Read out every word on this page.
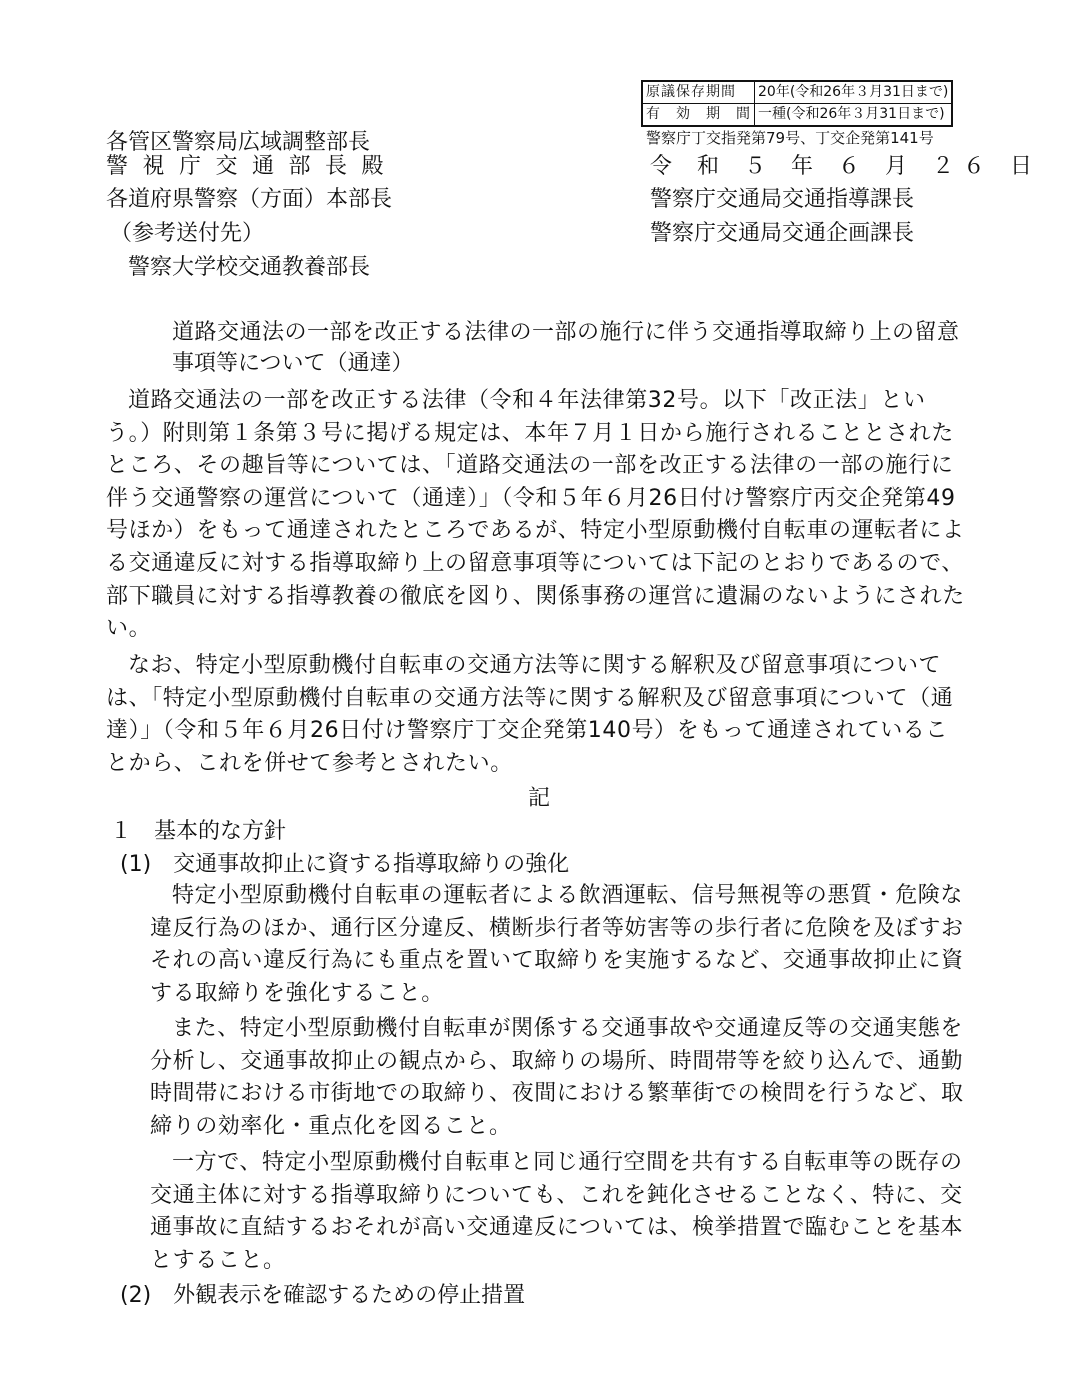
原議保存期間	20年(令和26年３月31日まで)
有　効　期　間	一種(令和26年３月31日まで)
警察庁丁交指発第79号、丁交企発第141号
各管区警察局広域調整部長
警視庁交通部長殿
各道府県警察（方面）本部長
（参考送付先）
警察大学校交通教養部長
令 和 ５ 年 ６ 月 ２６ 日
警察庁交通局交通指導課長
警察庁交通局交通企画課長
道路交通法の一部を改正する法律の一部の施行に伴う交通指導取締り上の留意
事項等について（通達）
道路交通法の一部を改正する法律（令和４年法律第32号。以下「改正法」とい
う。）附則第１条第３号に掲げる規定は、本年７月１日から施行されることとされた
ところ、その趣旨等については、「道路交通法の一部を改正する法律の一部の施行に
伴う交通警察の運営について（通達）」（令和５年６月26日付け警察庁丙交企発第49
号ほか）をもって通達されたところであるが、特定小型原動機付自転車の運転者によ
る交通違反に対する指導取締り上の留意事項等については下記のとおりであるので、
部下職員に対する指導教養の徹底を図り、関係事務の運営に遺漏のないようにされた
い。
なお、特定小型原動機付自転車の交通方法等に関する解釈及び留意事項について
は、「特定小型原動機付自転車の交通方法等に関する解釈及び留意事項について（通
達）」（令和５年６月26日付け警察庁丁交企発第140号）をもって通達されているこ
とから、これを併せて参考とされたい。
記
１　基本的な方針
(1)　交通事故抑止に資する指導取締りの強化
特定小型原動機付自転車の運転者による飲酒運転、信号無視等の悪質・危険な
違反行為のほか、通行区分違反、横断歩行者等妨害等の歩行者に危険を及ぼすお
それの高い違反行為にも重点を置いて取締りを実施するなど、交通事故抑止に資
する取締りを強化すること。
また、特定小型原動機付自転車が関係する交通事故や交通違反等の交通実態を
分析し、交通事故抑止の観点から、取締りの場所、時間帯等を絞り込んで、通勤
時間帯における市街地での取締り、夜間における繁華街での検問を行うなど、取
締りの効率化・重点化を図ること。
一方で、特定小型原動機付自転車と同じ通行空間を共有する自転車等の既存の
交通主体に対する指導取締りについても、これを鈍化させることなく、特に、交
通事故に直結するおそれが高い交通違反については、検挙措置で臨むことを基本
とすること。
(2)　外観表示を確認するための停止措置
